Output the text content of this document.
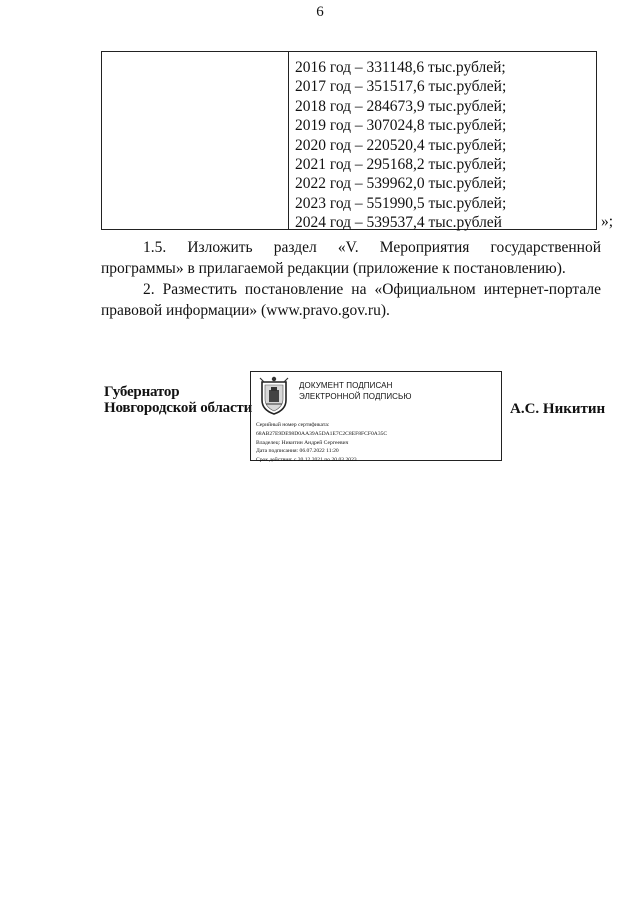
6
2016 год – 331148,6 тыс.рублей;
2017 год – 351517,6 тыс.рублей;
2018 год – 284673,9 тыс.рублей;
2019 год – 307024,8 тыс.рублей;
2020 год – 220520,4 тыс.рублей;
2021 год – 295168,2 тыс.рублей;
2022 год – 539962,0 тыс.рублей;
2023 год – 551990,5 тыс.рублей;
2024 год – 539537,4 тыс.рублей	»;
1.5. Изложить раздел «V. Мероприятия государственной программы» в прилагаемой редакции (приложение к постановлению).
2. Разместить постановление на «Официальном интернет-портале правовой информации» (www.pravo.gov.ru).
Губернатор
Новгородской области
ДОКУМЕНТ ПОДПИСАН
ЭЛЕКТРОННОЙ ПОДПИСЬЮ
Серийный номер сертификата:
68AB27E9DE98D0AA39A5DA1E7C2C8EF8FCF0A35C
Владелец: Никитин Андрей Сергеевич
Дата подписания: 06.07.2022 11:20
Срок действия: с 20.12.2021 по 20.03.2023
А.С. Никитин
